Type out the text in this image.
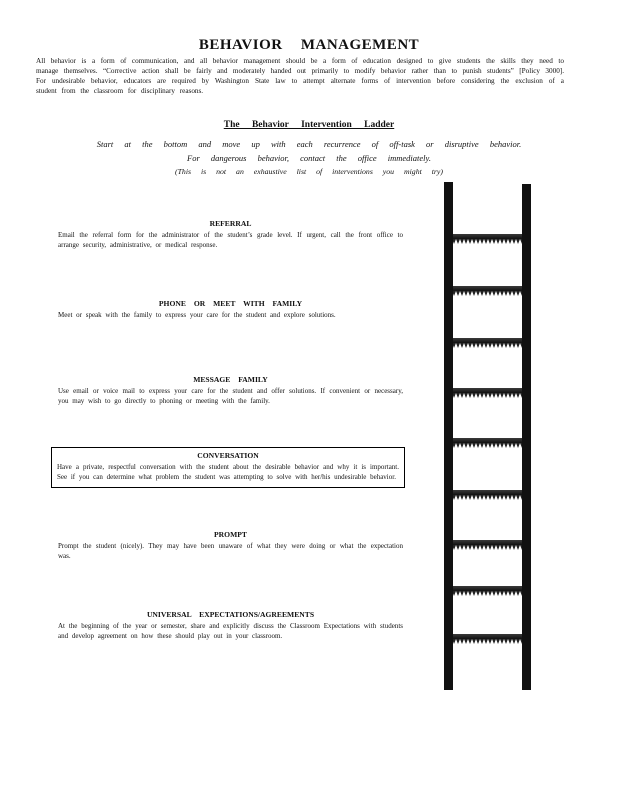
BEHAVIOR MANAGEMENT
All behavior is a form of communication, and all behavior management should be a form of education designed to give students the skills they need to manage themselves. “Corrective action shall be fairly and moderately handed out primarily to modify behavior rather than to punish students” [Policy 3000]. For undesirable behavior, educators are required by Washington State law to attempt alternate forms of intervention before considering the exclusion of a student from the classroom for disciplinary reasons.
The Behavior Intervention Ladder
Start at the bottom and move up with each recurrence of off-task or disruptive behavior.
For dangerous behavior, contact the office immediately.
(This is not an exhaustive list of interventions you might try)
REFERRAL
Email the referral form for the administrator of the student’s grade level. If urgent, call the front office to arrange security, administrative, or medical response.
PHONE OR MEET WITH FAMILY
Meet or speak with the family to express your care for the student and explore solutions.
MESSAGE FAMILY
Use email or voice mail to express your care for the student and offer solutions. If convenient or necessary, you may wish to go directly to phoning or meeting with the family.
CONVERSATION
Have a private, respectful conversation with the student about the desirable behavior and why it is important. See if you can determine what problem the student was attempting to solve with her/his undesirable behavior.
PROMPT
Prompt the student (nicely). They may have been unaware of what they were doing or what the expectation was.
UNIVERSAL EXPECTATIONS/AGREEMENTS
At the beginning of the year or semester, share and explicitly discuss the Classroom Expectations with students and develop agreement on how these should play out in your classroom.
